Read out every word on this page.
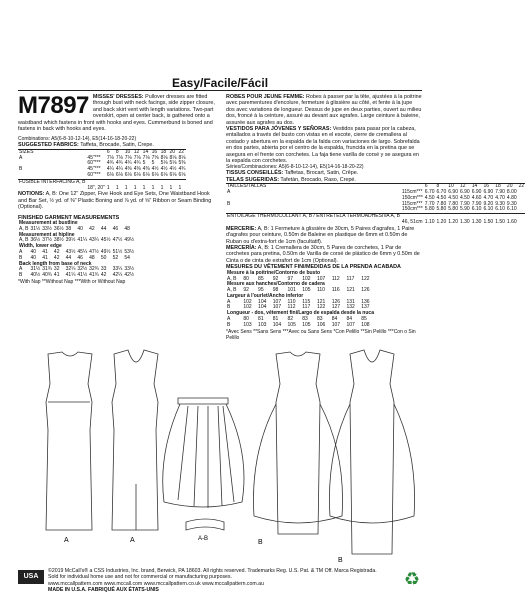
Easy/Facile/Fácil
M7897 MISSES' DRESSES: Pullover dresses are fitted through bust with neck facings, side zipper closure, and back skirt vent with length variations. Two-part overskirt, open at center back, is gathered onto a waistband which fastens in front with hooks and eyes. Cummerbund is boned and fastens in back with hooks and eyes.
Combinations: A5(6-8-10-12-14), E5(14-16-18-20-22)
SUGGESTED FABRICS: Taffeta, Brocade, Satin, Crepe.
SIZES		6	8	10	12	14	16	18	20	22
A	45"***	7⅛	7⅛	7⅛	7⅛	7⅛	7⅝	8⅛	8⅛	8⅛
	60"***	4¾	4¾	4¾	4¾	5	5	5⅛	5⅛	5⅜
B	45"***	4¼	4¼	4⅜	4⅜	4⅜	4½	4½	4½	4¾
	60"***	6⅛	6⅛	6⅛	6⅛	6⅛	6⅛	6⅛	6⅛	6⅛
FUSIBLE INTERFACING A, B										
	18", 20"	1	1	1	1	1	1	1	1	1
NOTIONS: A, B: One 12" Zipper, Five Hook and Eye Sets, One Waistband Hook and Bar Set, ½ yd. of ⅜" Plastic Boning and ⅞ yd. of ⅝" Ribbon or Seam Binding (Optional).
FINISHED GARMENT MEASUREMENTS
Measurement at bustline									
A, B	31½	33½	36½	38	40	42	44	46	48
Measurement at hipline									
A, B	36½	37½	38½	39½	41¼	43¼	45½	47½	49½
Width, lower edge									
A	40	41	42	43½	45¼	47½	49½	51½	53½
B	40	41	42	44	46	48	50	52	54
Back length from base of neck									
A	31½	31¾	32	32¼	32½	32¾	33	33¼	33½
B	40½	40¾	41	41¼	41½	41¾	42	42¼	42½
*With Nap **Without Nap ***With or Without Nap
ROBES POUR JEUNE FEMME: Robes à passer par la tête, ajustées à la poitrine avec parementures d'encolure, fermeture à glissière au côté, et fente à la jupe dos avec variations de longueur. Dessus de jupe en deux parties, ouvert au milieu dos, froncé à la ceinture, assuré au devant aux agrafes. Large ceinture à baleine, assurée aux agrafes au dos.
VESTIDOS PARA JÓVENES Y SEÑORAS: Vestidos para pasar por la cabeza, entallados a través del busto con vistas en el escote, cierre de cremallera al costado y abertura en la espalda de la falda con variaciones de largo. Sobrefalda en dos partes, abierta por el centro de la espalda, fruncida en la pretina que se asegura en el frente con corchetes. La faja tiene varilla de corsé y se asegura en la espalda con corchetes.
Séries/Combinaciones: A5(6-8-10-12-14), E5(14-16-18-20-22)
TISSUS CONSEILLÉS: Taffetas, Brocart, Satin, Crêpe.
TELAS SUGERIDAS: Tafetán, Brocado, Raso, Crepé.
TAILLES/TALLAS		6	8	10	12	14	16	18	20	22
A	115cm***	6.70	6.70	6.90	6.90	6.90	6.90	7.90	8.00	
	150cm***	4.50	4.50	4.50	4.50	4.60	4.70	4.70	4.80	
B	115cm***	7.70	7.80	7.80	7.90	7.90	9.20	9.30	9.30	
	150cm***	5.80	5.80	5.80	5.90	6.10	6.10	6.10	6.10	
ENTOILAGE THERMOCOLLANT A, B / ENTRETELA TERMOADHESIVA A, B										
	46, 51cm	1.10	1.20	1.20	1.30	1.30	1.50	1.50	1.60	
MERCERIE: A, B: 1 Fermeture à glissière de 30cm, 5 Paires d'agrafes, 1 Paire d'agrafes pour ceinture, 0.50m de Baleine en plastique de 6mm et 0.50m de Ruban ou d'extra-fort de 1cm (facultatif).
MERCERÍA: A, B: 1 Cremallera de 30cm, 5 Pares de corchetes, 1 Par de corchetes para pretina, 0.50m de Varilla de corsé de plástico de 6mm y 0.50m de Cinta o de cinta de extrafort de 1cm (Optional).
MESURES DU VÊTEMENT FINI/MEDIDAS DE LA PRENDA ACABADA
Mesure à la poitrine/Contorno de busto									
A, B	80	85	92	97	102	107	112	117	122
Mesure aux hanches/Contorno de cadera									
A, B	92	95	98	101	105	110	116	121	126
Largeur à l'ourlet/Ancho inferior									
A	102	104	107	110	115	121	126	131	136
B	102	104	107	112	117	122	127	132	137
Longueur - dos, vêtement fini/Largo de espalda desde la nuca									
A	80	81	81	82	83	83	84	84	85
B	103	103	104	105	105	106	107	107	108
*Avec Sens **Sans Sens ***Avec ou Sans Sens *Con Pelillo **Sin Pelillo ***Con o Sin Pelillo
A	A	A-B	B
B
USA
©2019 McCall's® a CSS Industries, Inc. brand, Berwick, PA 18603. All rights reserved. Trademarks Reg. U.S. Pat. & TM Off. Marca Registrada. Sold for individual home use and not for commercial or manufacturing purposes.
www.mccallpattern.com www.mccall.com www.mccallpattern.co.uk www.mccallpattern.com.au
MADE IN U.S.A. FABRIQUÉ AUX ÉTATS-UNIS
♻
